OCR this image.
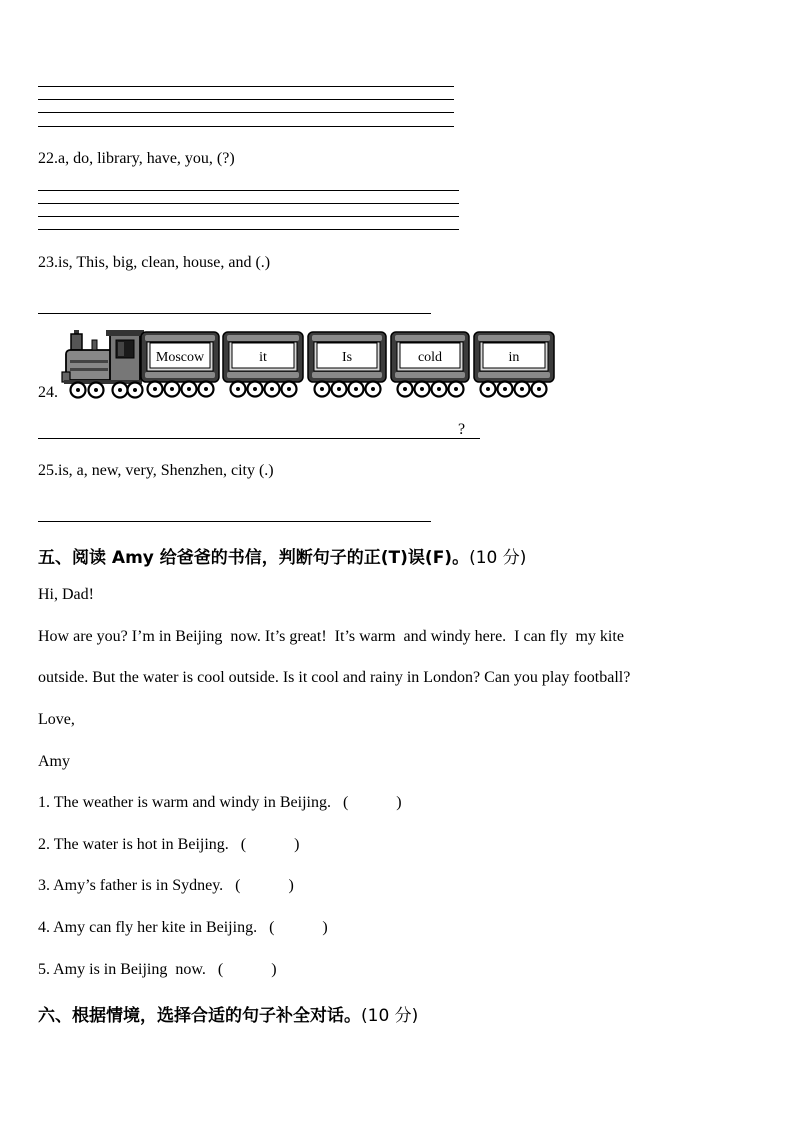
22.a, do, library, have, you, (?)
23.is, This, big, clean, house, and (.)
24.
Moscow	it	Is	cold	in
?
25.is, a, new, very, Shenzhen, city (.)
五、阅读 Amy 给爸爸的书信，判断句子的正(T)误(F)。(10 分)
Hi, Dad!
How are you? I’m in Beijing  now. It’s great!  It’s warm  and windy here.  I can fly  my kite
outside. But the water is cool outside. Is it cool and rainy in London? Can you play football?
Love,
Amy
1. The weather is warm and windy in Beijing.   (            )
2. The water is hot in Beijing.   (            )
3. Amy’s father is in Sydney.   (            )
4. Amy can fly her kite in Beijing.   (            )
5. Amy is in Beijing  now.   (            )
六、根据情境，选择合适的句子补全对话。(10 分)
